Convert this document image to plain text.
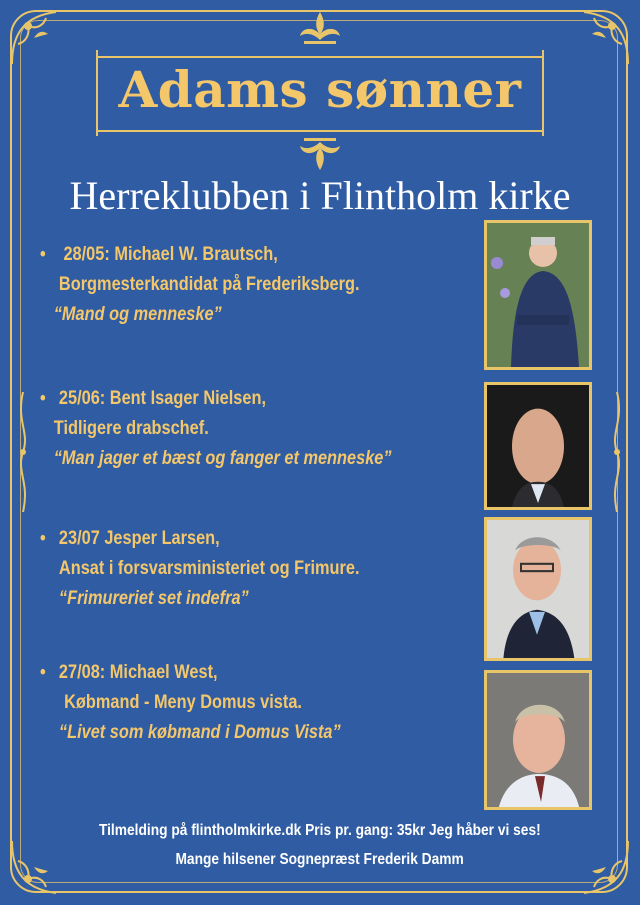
Adams sønner
Herreklubben i Flintholm kirke
• 28/05: Michael W. Brautsch,
Borgmesterkandidat på Frederiksberg.
“Mand og menneske”
• 25/06: Bent Isager Nielsen,
Tidligere drabschef.
“Man jager et bæst og fanger et menneske”
• 23/07 Jesper Larsen,
Ansat i forsvarsministeriet og Frimure.
“Frimureriet set indefra”
• 27/08: Michael West,
Købmand - Meny Domus vista.
“Livet som købmand i Domus Vista”
Tilmelding på flintholmkirke.dk Pris pr. gang: 35kr Jeg håber vi ses!
Mange hilsener Sognepræst Frederik Damm
